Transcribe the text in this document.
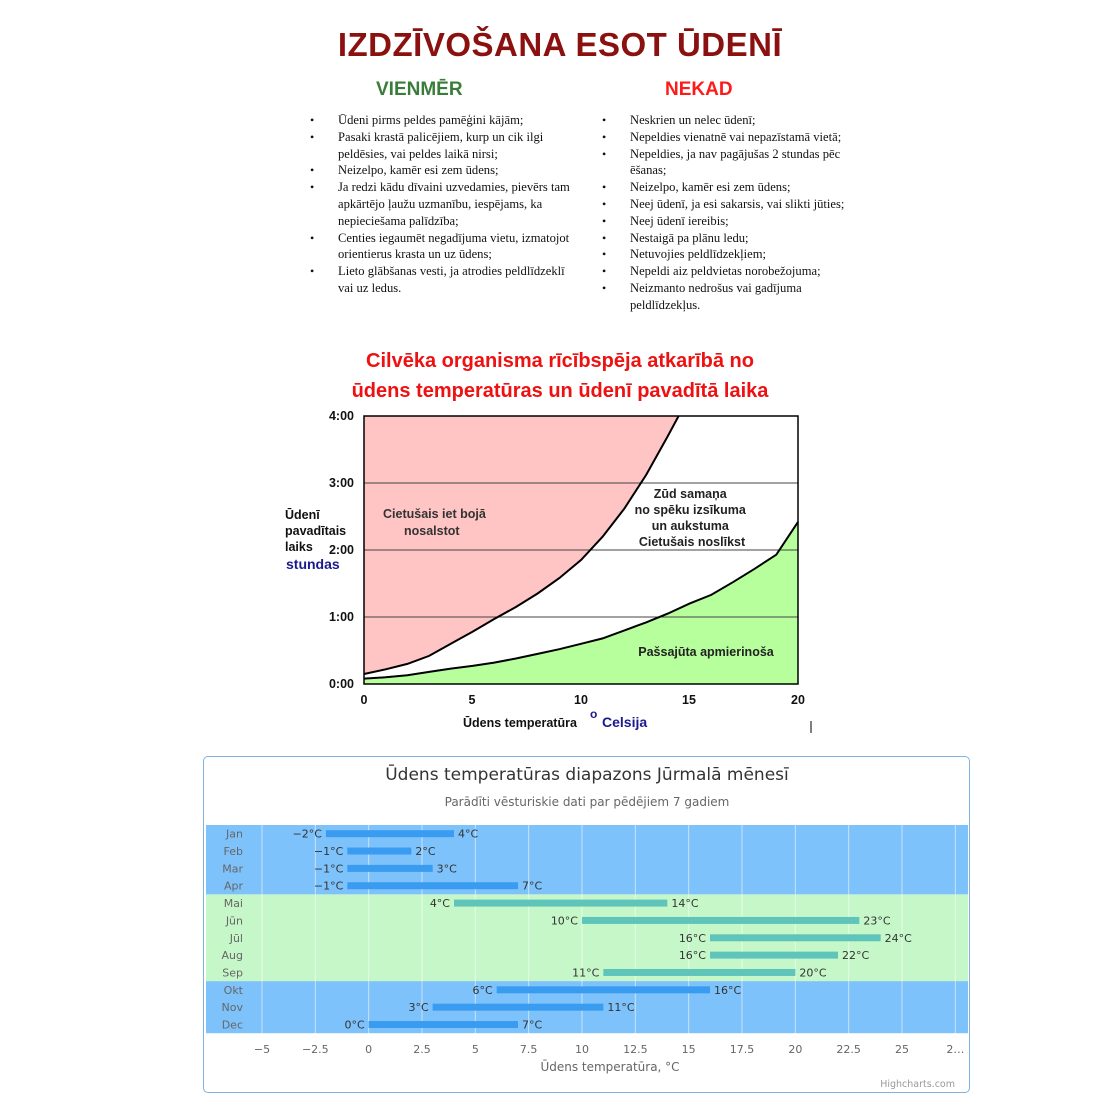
IZDZĪVOŠANA ESOT ŪDENĪ
VIENMĒR	NEKAD
• Ūdeni pirms peldes pamēģini kājām;
• Pasaki krastā palicējiem, kurp un cik ilgi peldēsies, vai peldes laikā nirsi;
• Neizelpo, kamēr esi zem ūdens;
• Ja redzi kādu dīvaini uzvedamies, pievērs tam apkārtējo ļaužu uzmanību, iespējams, ka nepieciešama palīdzība;
• Centies iegaumēt negadījuma vietu, izmatojot orientierus krasta un uz ūdens;
• Lieto glābšanas vesti, ja atrodies peldlīdzeklī vai uz ledus.
• Neskrien un nelec ūdenī;
• Nepeldies vienatnē vai nepazīstamā vietā;
• Nepeldies, ja nav pagājušas 2 stundas pēc ēšanas;
• Neizelpo, kamēr esi zem ūdens;
• Neej ūdenī, ja esi sakarsis, vai slikti jūties;
• Neej ūdenī iereibis;
• Nestaigā pa plānu ledu;
• Netuvojies peldlīdzekļiem;
• Nepeldi aiz peldvietas norobežojuma;
• Neizmanto nedrošus vai gadījuma peldlīdzekļus.
Cilvēka organisma rīcībspēja atkarībā no
ūdens temperatūras un ūdenī pavadītā laika
0:00
1:00
2:00
3:00
4:00
0	5	10	15	20
Ūdenī
pavadītais
laiks
stundas
Ūdens temperatūra
o Celsija
Cietušais iet bojā nosalstot
Zūd samaņa no spēku izsīkuma un aukstuma Cietušais noslīkst
Pašsajūta apmierinoša
Ūdens temperatūras diapazons Jūrmalā mēnesī
Parādīti vēsturiskie dati par pēdējiem 7 gadiem
Jan
Feb
Mar
Apr
Mai
Jūn
Jūl
Aug
Sep
Okt
Nov
Dec
−2°C	4°C
−1°C	2°C
−1°C	3°C
−1°C	7°C
4°C	14°C
10°C	23°C
16°C	24°C
16°C	22°C
11°C	20°C
6°C	16°C
3°C	11°C
0°C	7°C
−5	−2.5	0	2.5	5	7.5	10	12.5	15	17.5	20	22.5	25	2…
Ūdens temperatūra, °C
Highcharts.com
